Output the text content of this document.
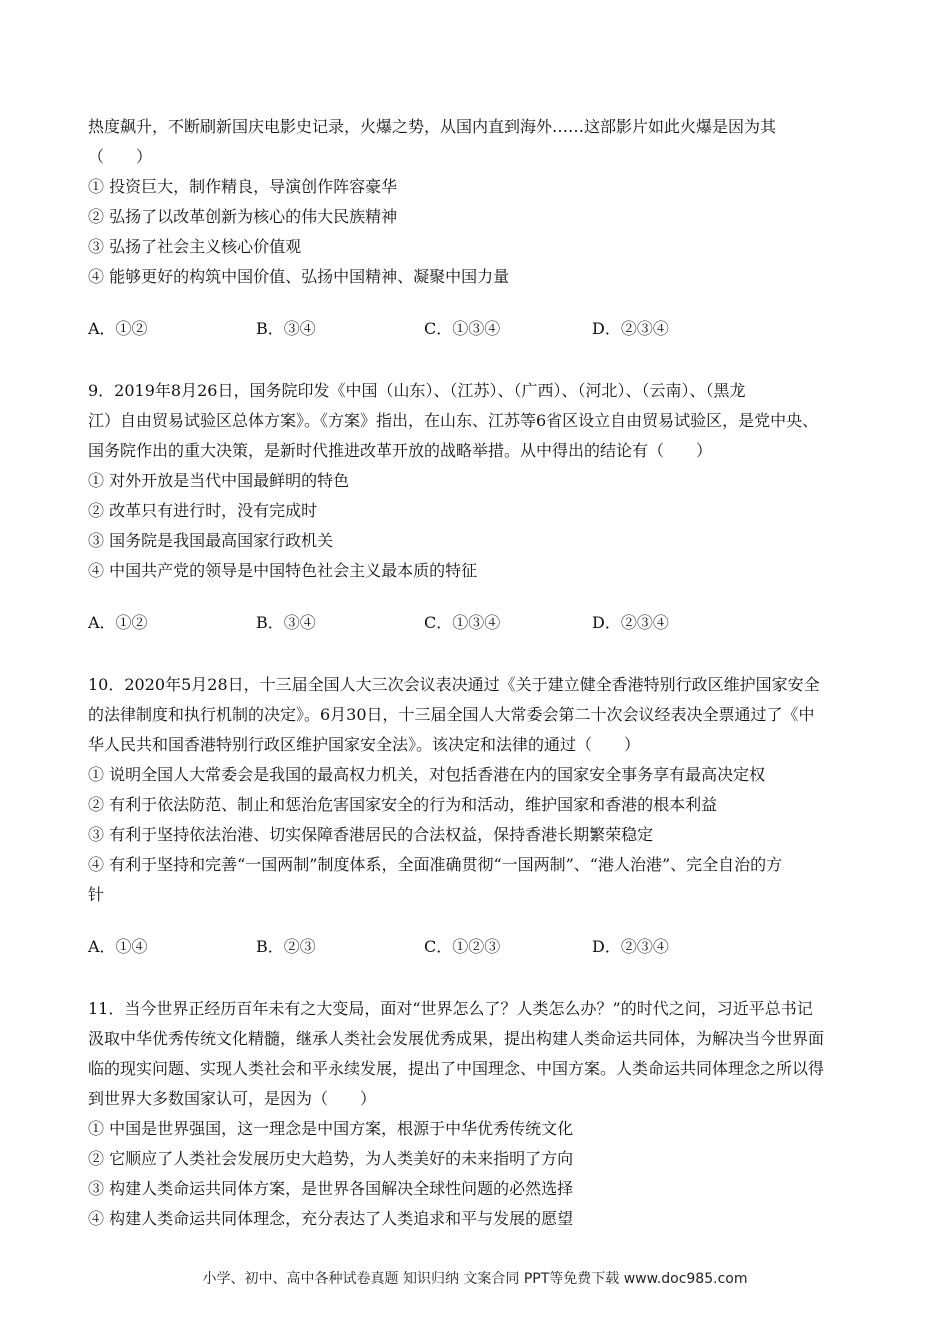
热度飙升，不断刷新国庆电影史记录，火爆之势，从国内直到海外……这部影片如此火爆是因为其
（　　）
① 投资巨大，制作精良，导演创作阵容豪华
② 弘扬了以改革创新为核心的伟大民族精神
③ 弘扬了社会主义核心价值观
④ 能够更好的构筑中国价值、弘扬中国精神、凝聚中国力量
A．①②	B．③④	C．①③④	D．②③④
9．2019年8月26日，国务院印发《中国（山东）、（江苏）、（广西）、（河北）、（云南）、（黑龙
江）自由贸易试验区总体方案》。《方案》指出，在山东、江苏等6省区设立自由贸易试验区，是党中央、
国务院作出的重大决策，是新时代推进改革开放的战略举措。从中得出的结论有（　　）
① 对外开放是当代中国最鲜明的特色
② 改革只有进行时，没有完成时
③ 国务院是我国最高国家行政机关
④ 中国共产党的领导是中国特色社会主义最本质的特征
A．①②	B．③④	C．①③④	D．②③④
10．2020年5月28日，十三届全国人大三次会议表决通过《关于建立健全香港特别行政区维护国家安全
的法律制度和执行机制的决定》。6月30日，十三届全国人大常委会第二十次会议经表决全票通过了《中
华人民共和国香港特别行政区维护国家安全法》。该决定和法律的通过（　　）
① 说明全国人大常委会是我国的最高权力机关，对包括香港在内的国家安全事务享有最高决定权
② 有利于依法防范、制止和惩治危害国家安全的行为和活动，维护国家和香港的根本利益
③ 有利于坚持依法治港、切实保障香港居民的合法权益，保持香港长期繁荣稳定
④ 有利于坚持和完善“一国两制”制度体系，全面准确贯彻“一国两制”、“港人治港”、完全自治的方
针
A．①④	B．②③	C．①②③	D．②③④
11．当今世界正经历百年未有之大变局，面对“世界怎么了？人类怎么办？”的时代之问，习近平总书记
汲取中华优秀传统文化精髓，继承人类社会发展优秀成果，提出构建人类命运共同体，为解决当今世界面
临的现实问题、实现人类社会和平永续发展，提出了中国理念、中国方案。人类命运共同体理念之所以得
到世界大多数国家认可，是因为（　　）
① 中国是世界强国，这一理念是中国方案，根源于中华优秀传统文化
② 它顺应了人类社会发展历史大趋势，为人类美好的未来指明了方向
③ 构建人类命运共同体方案，是世界各国解决全球性问题的必然选择
④ 构建人类命运共同体理念，充分表达了人类追求和平与发展的愿望
小学、初中、高中各种试卷真题 知识归纳 文案合同 PPT等免费下载 www.doc985.com
